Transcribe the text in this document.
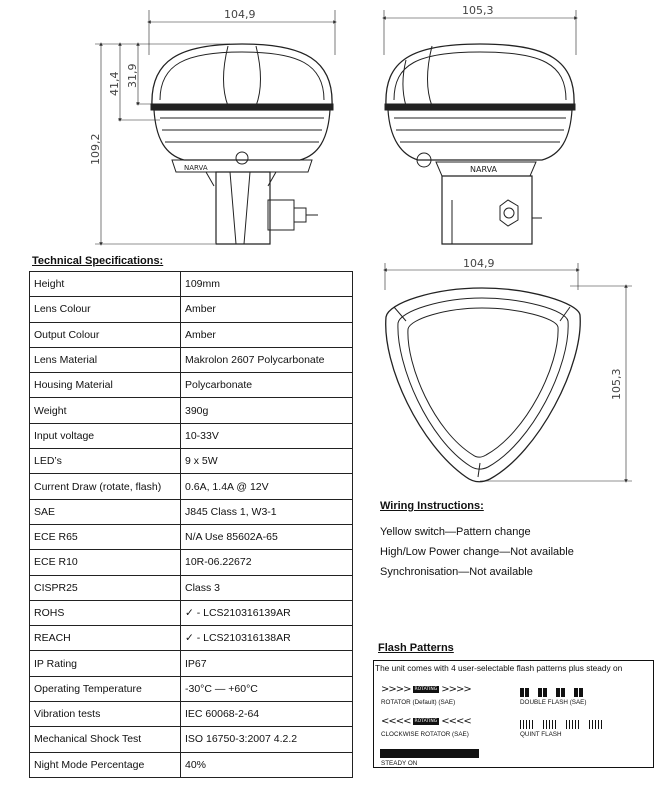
NARVA
104,9
109,2
41,4 31,9
NARVA
105,3
104,9
105,3
Technical Specifications:
Height	109mm
Lens Colour	Amber
Output Colour	Amber
Lens Material	Makrolon 2607 Polycarbonate
Housing Material	Polycarbonate
Weight	390g
Input voltage	10-33V
LED’s	9 x 5W
Current Draw (rotate, flash)	0.6A, 1.4A @ 12V
SAE	J845 Class 1, W3-1
ECE R65	N/A Use 85602A-65
ECE R10	10R-06.22672
CISPR25	Class 3
ROHS	✓ - LCS210316139AR
REACH	✓ - LCS210316138AR
IP Rating	IP67
Operating Temperature	-30°C — +60°C
Vibration tests	IEC 60068-2-64
Mechanical Shock Test	ISO 16750-3:2007 4.2.2
Night Mode Percentage	40%
Wiring Instructions:
Yellow switch—Pattern change
High/Low Power change—Not available
Synchronisation—Not available
Flash Patterns
The unit comes with 4 user-selectable flash patterns plus steady on
>>>> ROTATING >>>>
ROTATOR (Default) (SAE)	DOUBLE FLASH (SAE)
<<<< ROTATING <<<<
CLOCKWISE ROTATOR (SAE)	QUINT FLASH
STEADY ON
